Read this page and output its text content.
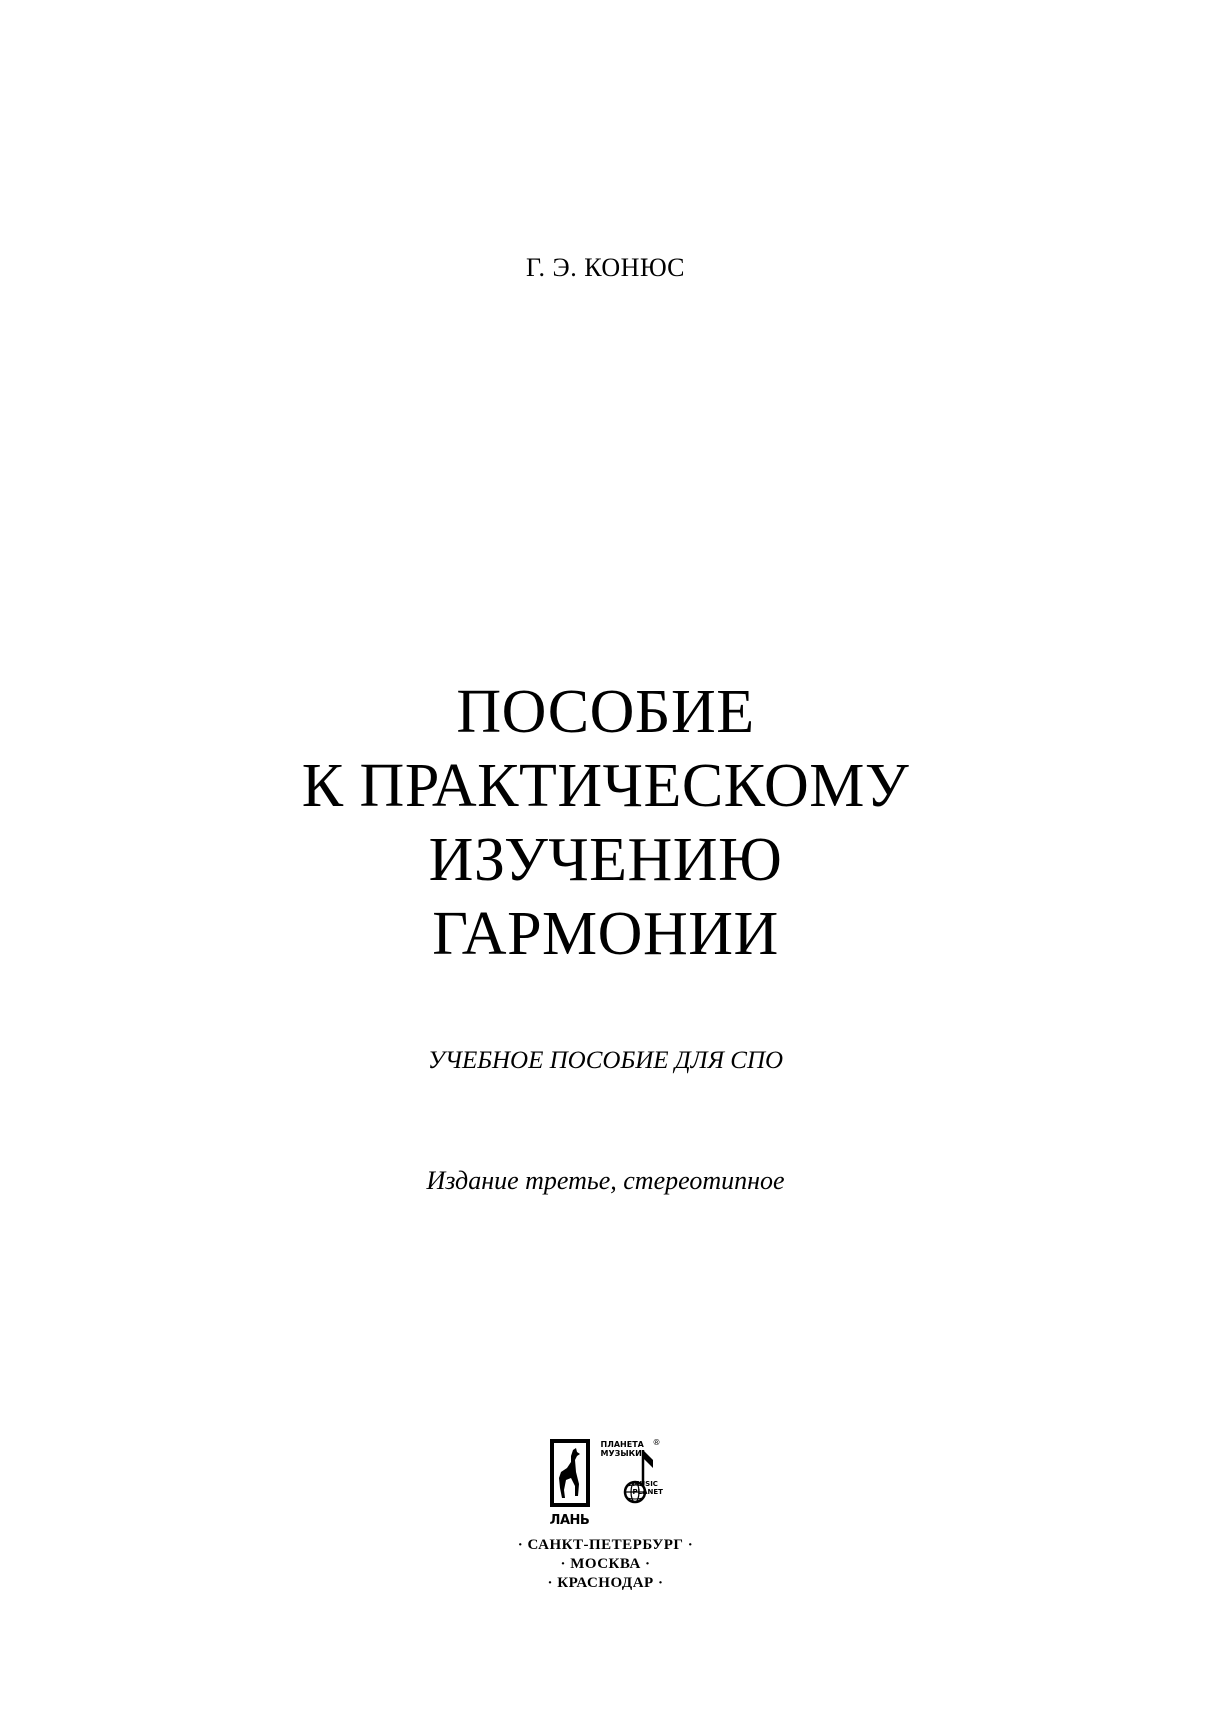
Г. Э. КОНЮС
ПОСОБИЕ
К ПРАКТИЧЕСКОМУ
ИЗУЧЕНИЮ
ГАРМОНИИ
УЧЕБНОЕ ПОСОБИЕ ДЛЯ СПО
Издание третье, стереотипное
ЛАНЬ
ПЛАНЕТА МУЗЫКИ
®
MUSIC PLANET
· САНКТ-ПЕТЕРБУРГ ·
· МОСКВА ·
· КРАСНОДАР ·
